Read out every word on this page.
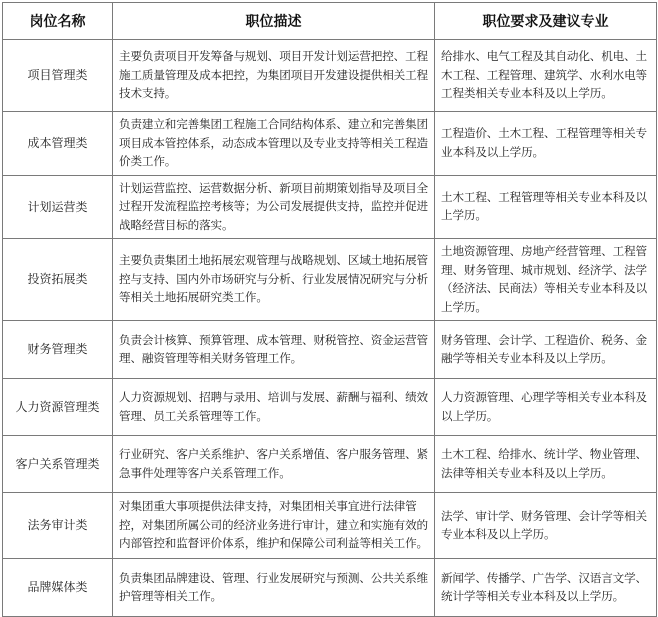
岗位名称	职位描述	职位要求及建议专业
项目管理类	主要负责项目开发筹备与规划、项目开发计划运营把控、工程施工质量管理及成本把控，为集团项目开发建设提供相关工程技术支持。	给排水、电气工程及其自动化、机电、土木工程、工程管理、建筑学、水利水电等工程类相关专业本科及以上学历。
成本管理类	负责建立和完善集团工程施工合同结构体系、建立和完善集团项目成本管控体系，动态成本管理以及专业支持等相关工程造价类工作。	工程造价、土木工程、工程管理等相关专业本科及以上学历。
计划运营类	计划运营监控、运营数据分析、新项目前期策划指导及项目全过程开发流程监控考核等；为公司发展提供支持，监控并促进战略经营目标的落实。	土木工程、工程管理等相关专业本科及以上学历。
投资拓展类	主要负责集团土地拓展宏观管理与战略规划、区域土地拓展管控与支持、国内外市场研究与分析、行业发展情况研究与分析等相关土地拓展研究类工作。	土地资源管理、房地产经营管理、工程管理、财务管理、城市规划、经济学、法学（经济法、民商法）等相关专业本科及以上学历。
财务管理类	负责会计核算、预算管理、成本管理、财税管控、资金运营管理、融资管理等相关财务管理工作。	财务管理、会计学、工程造价、税务、金融学等相关专业本科及以上学历。
人力资源管理类	人力资源规划、招聘与录用、培训与发展、薪酬与福利、绩效管理、员工关系管理等工作。	人力资源管理、心理学等相关专业本科及以上学历。
客户关系管理类	行业研究、客户关系维护、客户关系增值、客户服务管理、紧急事件处理等客户关系管理工作。	土木工程、给排水、统计学、物业管理、法律等相关专业本科及以上学历。
法务审计类	对集团重大事项提供法律支持，对集团相关事宜进行法律管控，对集团所属公司的经济业务进行审计，建立和实施有效的内部管控和监督评价体系，维护和保障公司利益等相关工作。	法学、审计学、财务管理、会计学等相关专业本科及以上学历。
品牌媒体类	负责集团品牌建设、管理、行业发展研究与预测、公共关系维护管理等相关工作。	新闻学、传播学、广告学、汉语言文学、统计学等相关专业本科及以上学历。
